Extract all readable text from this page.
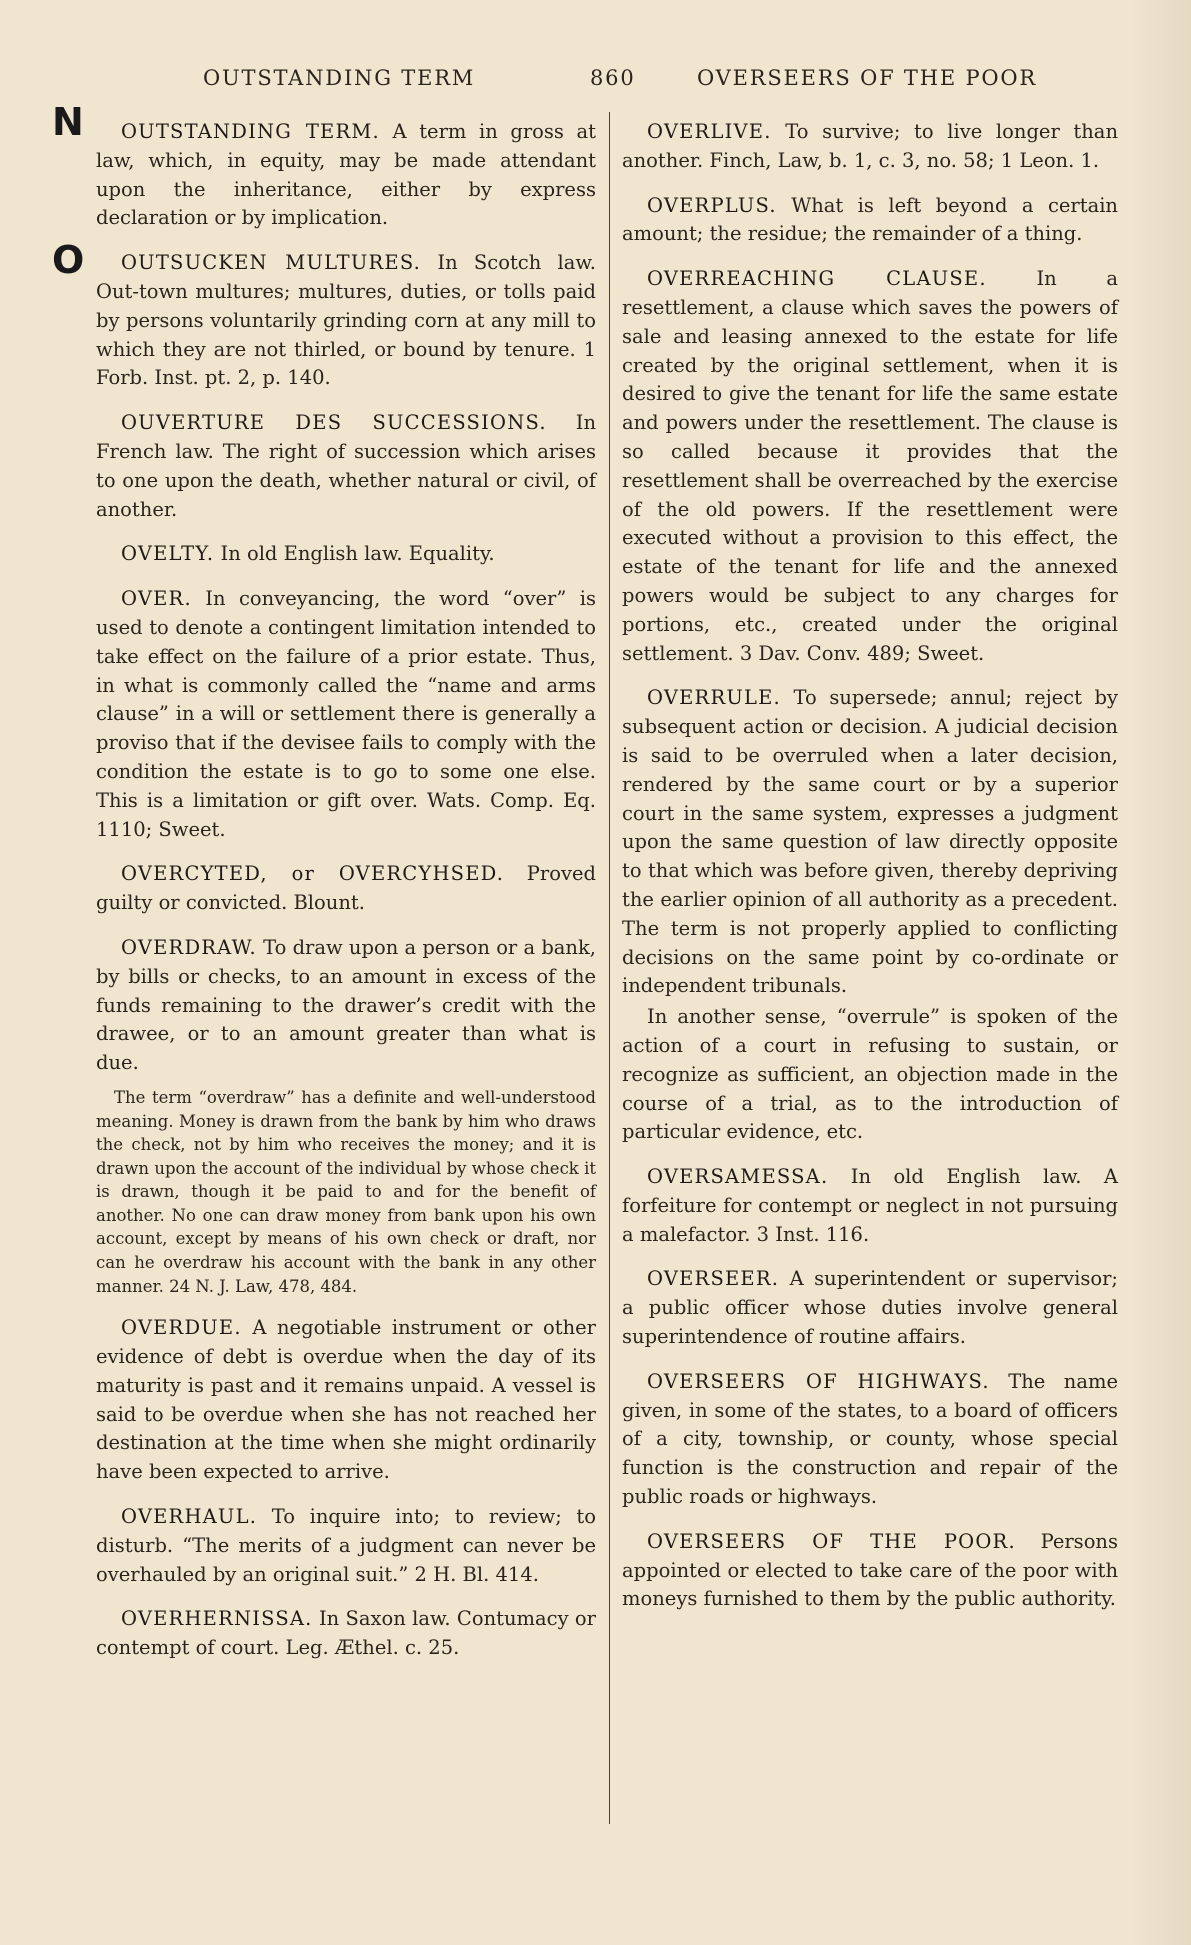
OUTSTANDING TERM	860	OVERSEERS OF THE POOR
N
O

OUTSTANDING TERM. A term in gross at law, which, in equity, may be made attendant upon the inheritance, either by express declaration or by implication.

OUTSUCKEN MULTURES. In Scotch law. Out-town multures; multures, duties, or tolls paid by persons voluntarily grinding corn at any mill to which they are not thirled, or bound by tenure. 1 Forb. Inst. pt. 2, p. 140.

OUVERTURE DES SUCCESSIONS. In French law. The right of succession which arises to one upon the death, whether natural or civil, of another.

OVELTY. In old English law. Equality.

OVER. In conveyancing, the word “over” is used to denote a contingent limitation intended to take effect on the failure of a prior estate. Thus, in what is commonly called the “name and arms clause” in a will or settlement there is generally a proviso that if the devisee fails to comply with the condition the estate is to go to some one else. This is a limitation or gift over. Wats. Comp. Eq. 1110; Sweet.

OVERCYTED, or OVERCYHSED. Proved guilty or convicted. Blount.

OVERDRAW. To draw upon a person or a bank, by bills or checks, to an amount in excess of the funds remaining to the drawer’s credit with the drawee, or to an amount greater than what is due.

The term “overdraw” has a definite and well-understood meaning. Money is drawn from the bank by him who draws the check, not by him who receives the money; and it is drawn upon the account of the individual by whose check it is drawn, though it be paid to and for the benefit of another. No one can draw money from bank upon his own account, except by means of his own check or draft, nor can he overdraw his account with the bank in any other manner. 24 N. J. Law, 478, 484.

OVERDUE. A negotiable instrument or other evidence of debt is overdue when the day of its maturity is past and it remains unpaid. A vessel is said to be overdue when she has not reached her destination at the time when she might ordinarily have been expected to arrive.

OVERHAUL. To inquire into; to review; to disturb. “The merits of a judgment can never be overhauled by an original suit.” 2 H. Bl. 414.

OVERHERNISSA. In Saxon law. Contumacy or contempt of court. Leg. Æthel. c. 25.

OVERLIVE. To survive; to live longer than another. Finch, Law, b. 1, c. 3, no. 58; 1 Leon. 1.

OVERPLUS. What is left beyond a certain amount; the residue; the remainder of a thing.

OVERREACHING CLAUSE.	In a resettlement, a clause which saves the powers of sale and leasing annexed to the estate for life created by the original settlement, when it is desired to give the tenant for life the same estate and powers under the resettlement. The clause is so called because it provides that the resettlement shall be overreached by the exercise of the old powers. If the resettlement were executed without a provision to this effect, the estate of the tenant for life and the annexed powers would be subject to any charges for portions, etc., created under the original settlement. 3 Dav. Conv. 489; Sweet.

OVERRULE. To supersede; annul; reject by subsequent action or decision. A judicial decision is said to be overruled when a later decision, rendered by the same court or by a superior court in the same system, expresses a judgment upon the same question of law directly opposite to that which was before given, thereby depriving the earlier opinion of all authority as a precedent. The term is not properly applied to conflicting decisions on the same point by co-ordinate or independent tribunals.

In another sense, “overrule” is spoken of the action of a court in refusing to sustain, or recognize as sufficient, an objection made in the course of a trial, as to the introduction of particular evidence, etc.

OVERSAMESSA. In old English law. A forfeiture for contempt or neglect in not pursuing a malefactor. 3 Inst. 116.

OVERSEER. A superintendent or supervisor; a public officer whose duties involve general superintendence of routine affairs.

OVERSEERS OF HIGHWAYS. The name given, in some of the states, to a board of officers of a city, township, or county, whose special function is the construction and repair of the public roads or highways.

OVERSEERS OF THE POOR. Persons appointed or elected to take care of the poor with moneys furnished to them by the public authority.
